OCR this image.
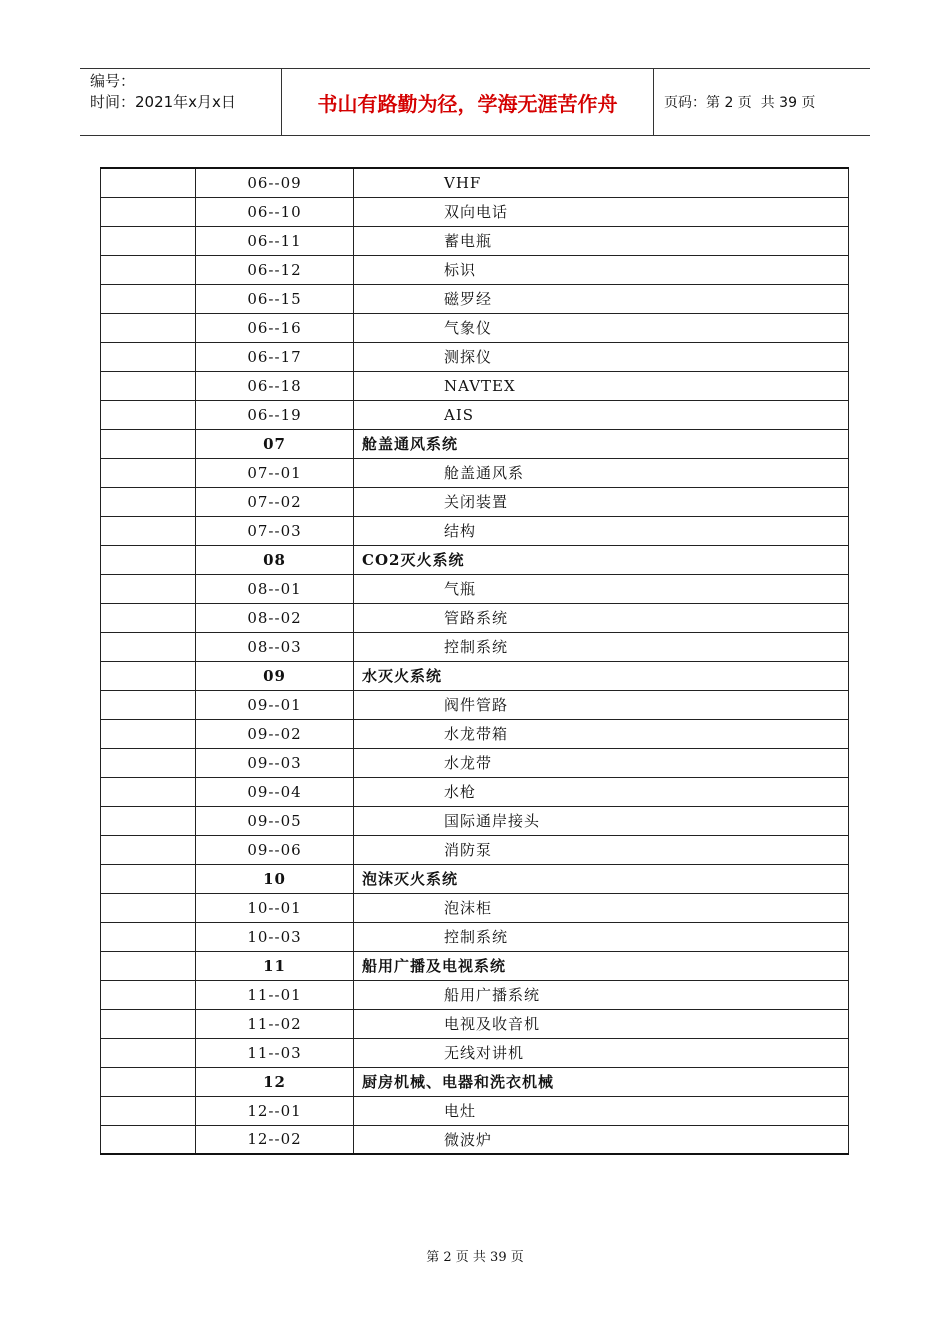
编号：
时间：2021年x月x日	书山有路勤为径，学海无涯苦作舟	页码：第 2 页  共 39 页
	06--09	VHF
	06--10	双向电话
	06--11	蓄电瓶
	06--12	标识
	06--15	磁罗经
	06--16	气象仪
	06--17	测探仪
	06--18	NAVTEX
	06--19	AIS
	07	舱盖通风系统
	07--01	舱盖通风系
	07--02	关闭装置
	07--03	结构
	08	CO2灭火系统
	08--01	气瓶
	08--02	管路系统
	08--03	控制系统
	09	水灭火系统
	09--01	阀件管路
	09--02	水龙带箱
	09--03	水龙带
	09--04	水枪
	09--05	国际通岸接头
	09--06	消防泵
	10	泡沫灭火系统
	10--01	泡沫柜
	10--03	控制系统
	11	船用广播及电视系统
	11--01	船用广播系统
	11--02	电视及收音机
	11--03	无线对讲机
	12	厨房机械、电器和洗衣机械
	12--01	电灶
	12--02	微波炉
第 2 页 共 39 页
